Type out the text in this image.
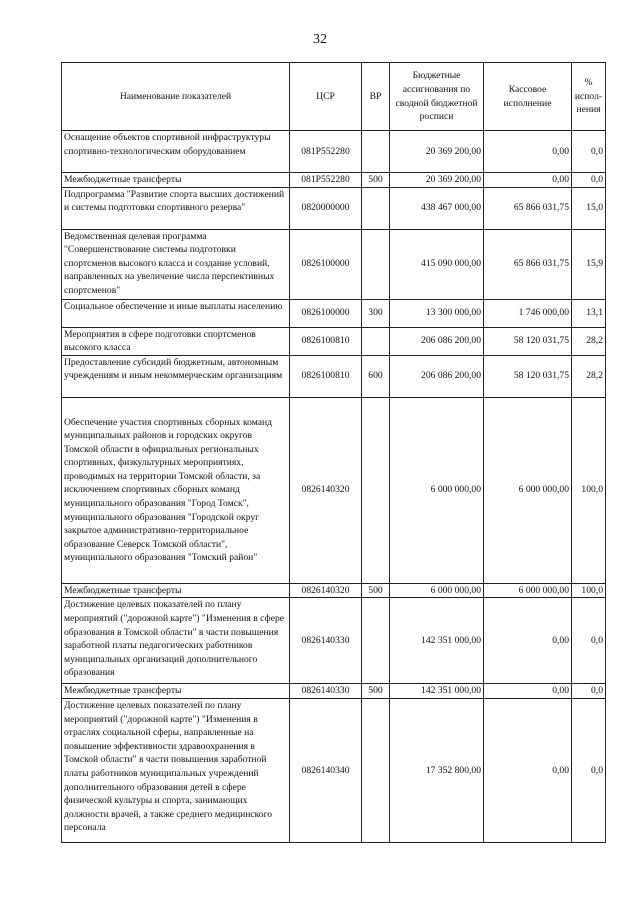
32
Наименование показателей	ЦСР	ВР	Бюджетные ассигнования по сводной бюджетной росписи	Кассовое исполнение	% испол-нения
Оснащение объектов спортивной инфраструктуры спортивно-технологическим оборудованием	081P552280		20 369 200,00	0,00	0,0
Межбюджетные трансферты	081P552280	500	20 369 200,00	0,00	0,0
Подпрограмма "Развитие спорта высших достижений и системы подготовки спортивного резерва"	0820000000		438 467 000,00	65 866 031,75	15,0
Ведомственная целевая программа "Совершенствование системы подготовки спортсменов высокого класса и создание условий, направленных на увеличение числа перспективных спортсменов"	0826100000		415 090 000,00	65 866 031,75	15,9
Социальное обеспечение и иные выплаты населению	0826100000	300	13 300 000,00	1 746 000,00	13,1
Мероприятия в сфере подготовки спортсменов высокого класса	0826100810		206 086 200,00	58 120 031,75	28,2
Предоставление субсидий бюджетным, автономным учреждениям и иным некоммерческим организациям	0826100810	600	206 086 200,00	58 120 031,75	28,2
Обеспечение участия спортивных сборных команд муниципальных районов и городских округов Томской области в официальных региональных спортивных, физкультурных мероприятиях, проводимых на территории Томской области, за исключением спортивных сборных команд муниципального образования "Город Томск", муниципального образования "Городской округ закрытое административно-территориальное образование Северск Томской области", муниципального образования "Томский район"	0826140320		6 000 000,00	6 000 000,00	100,0
Межбюджетные трансферты	0826140320	500	6 000 000,00	6 000 000,00	100,0
Достижение целевых показателей по плану мероприятий ("дорожной карте") "Изменения в сфере образования в Томской области" в части повышения заработной платы педагогических работников муниципальных организаций дополнительного образования	0826140330		142 351 000,00	0,00	0,0
Межбюджетные трансферты	0826140330	500	142 351 000,00	0,00	0,0
Достижение целевых показателей по плану мероприятий ("дорожной карте") "Изменения в отраслях социальной сферы, направленные на повышение эффективности здравоохранения в Томской области" в части повышения заработной платы работников муниципальных учреждений дополнительного образования детей в сфере физической культуры и спорта, занимающих должности врачей, а также среднего медицинского персонала	0826140340		17 352 800,00	0,00	0,0
